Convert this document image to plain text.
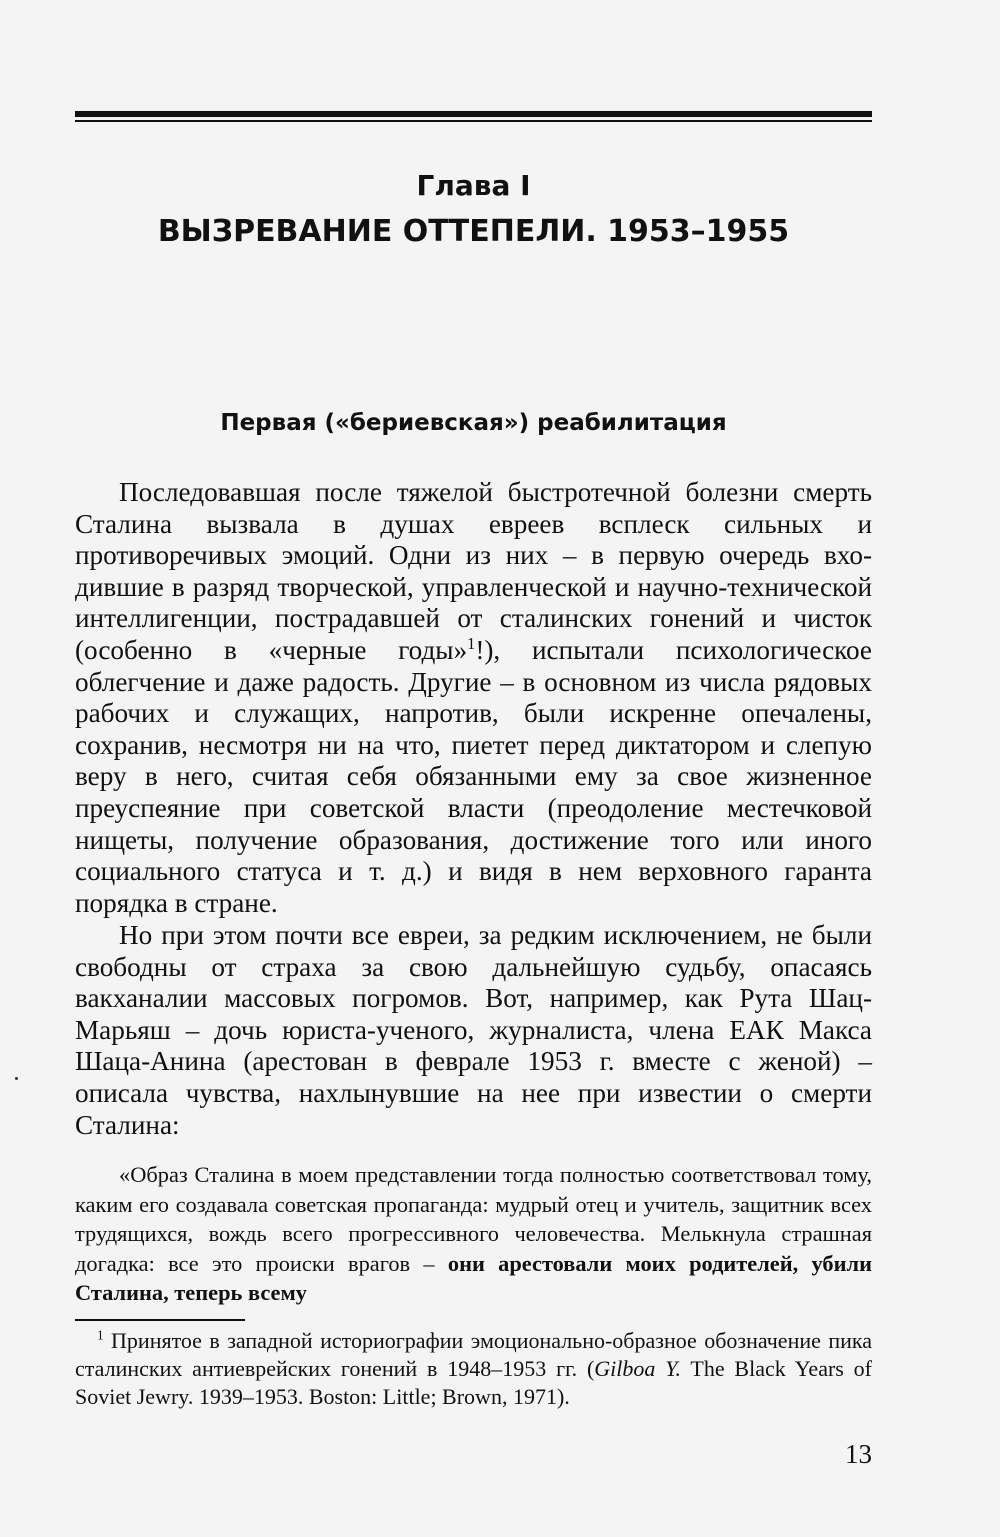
Глава I
ВЫЗРЕВАНИЕ ОТТЕПЕЛИ. 1953–1955
Первая («бериевская») реабилитация

Последовавшая после тяжелой быстротечной болезни смерть Сталина вызвала в душах евреев всплеск сильных и противоречивых эмоций. Одни из них – в первую очередь входившие в разряд творческой, управленческой и научно-технической интеллигенции, пострадавшей от сталинских гонений и чисток (особенно в «черные годы»$^1$!), испытали психологическое облегчение и даже радость. Другие – в основном из числа рядовых рабочих и служащих, напротив, были искренне опечалены, сохранив, несмотря ни на что, пиетет перед диктатором и слепую веру в него, считая себя обязанными ему за свое жизненное преуспеяние при советской власти (преодоление местечковой нищеты, получение образования, достижение того или иного социального статуса и т. д.) и видя в нем верховного гаранта порядка в стране.

Но при этом почти все евреи, за редким исключением, не были свободны от страха за свою дальнейшую судьбу, опасаясь вакханалии массовых погромов. Вот, например, как Рута Шац-Марьяш – дочь юриста-ученого, журналиста, члена ЕАК Макса Шаца-Анина (арестован в феврале 1953 г. вместе с женой) – описала чувства, нахлынувшие на нее при известии о смерти Сталина:

«Образ Сталина в моем представлении тогда полностью соответствовал тому, каким его создавала советская пропаганда: мудрый отец и учитель, защитник всех трудящихся, вождь всего прогрессивного человечества. Мелькнула страшная догадка: все это происки врагов – они арестовали моих родителей, убили Сталина, теперь всему

$^1$ Принятое в западной историографии эмоционально-образное обозначение пика сталинских антиеврейских гонений в 1948–1953 гг. (Gilboa Y. The Black Years of Soviet Jewry. 1939–1953. Boston: Little; Brown, 1971).

13
